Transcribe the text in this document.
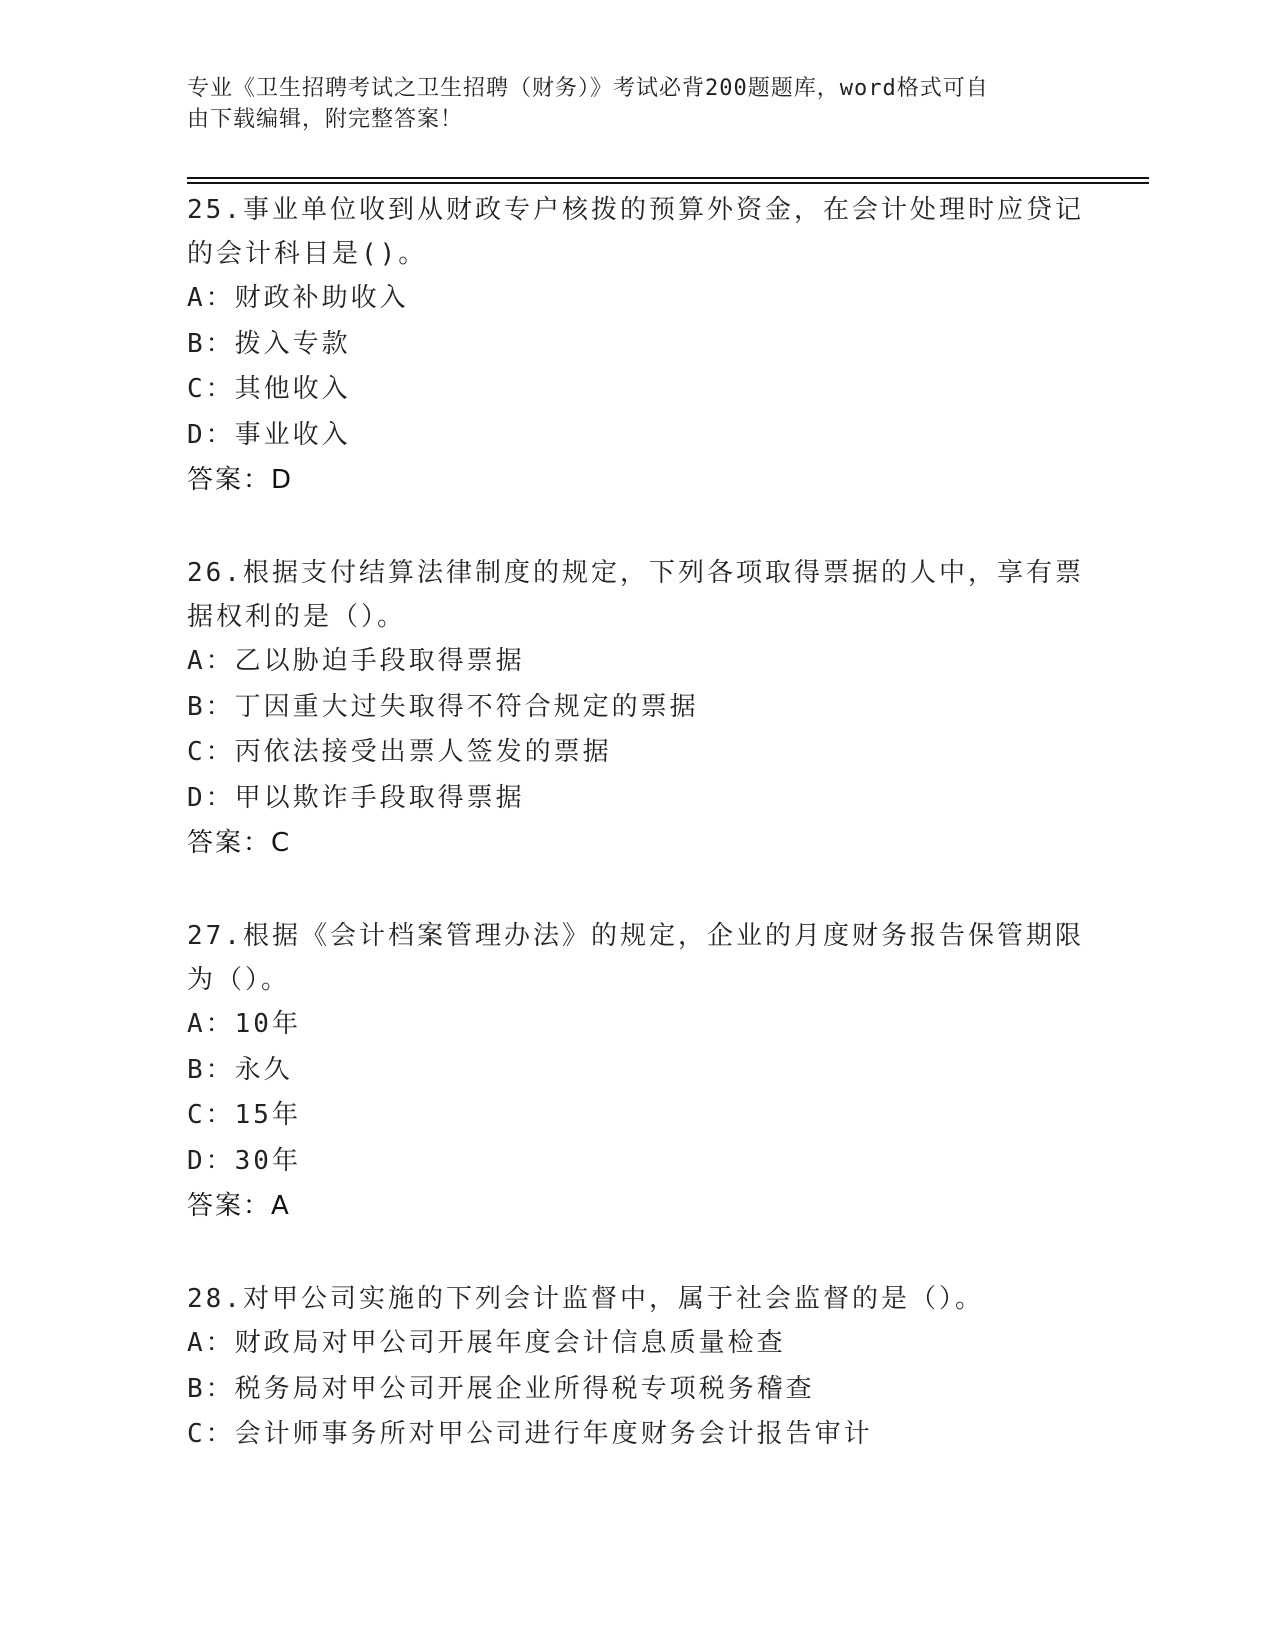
专业《卫生招聘考试之卫生招聘（财务）》考试必背200题题库，word格式可自
由下载编辑，附完整答案！
25.事业单位收到从财政专户核拨的预算外资金，在会计处理时应贷记
的会计科目是()。
A：财政补助收入
B：拨入专款
C：其他收入
D：事业收入
答案：D
26.根据支付结算法律制度的规定，下列各项取得票据的人中，享有票
据权利的是（）。
A：乙以胁迫手段取得票据
B：丁因重大过失取得不符合规定的票据
C：丙依法接受出票人签发的票据
D：甲以欺诈手段取得票据
答案：C
27.根据《会计档案管理办法》的规定，企业的月度财务报告保管期限
为（）。
A：10年
B：永久
C：15年
D：30年
答案：A
28.对甲公司实施的下列会计监督中，属于社会监督的是（）。
A：财政局对甲公司开展年度会计信息质量检查
B：税务局对甲公司开展企业所得税专项税务稽查
C：会计师事务所对甲公司进行年度财务会计报告审计
